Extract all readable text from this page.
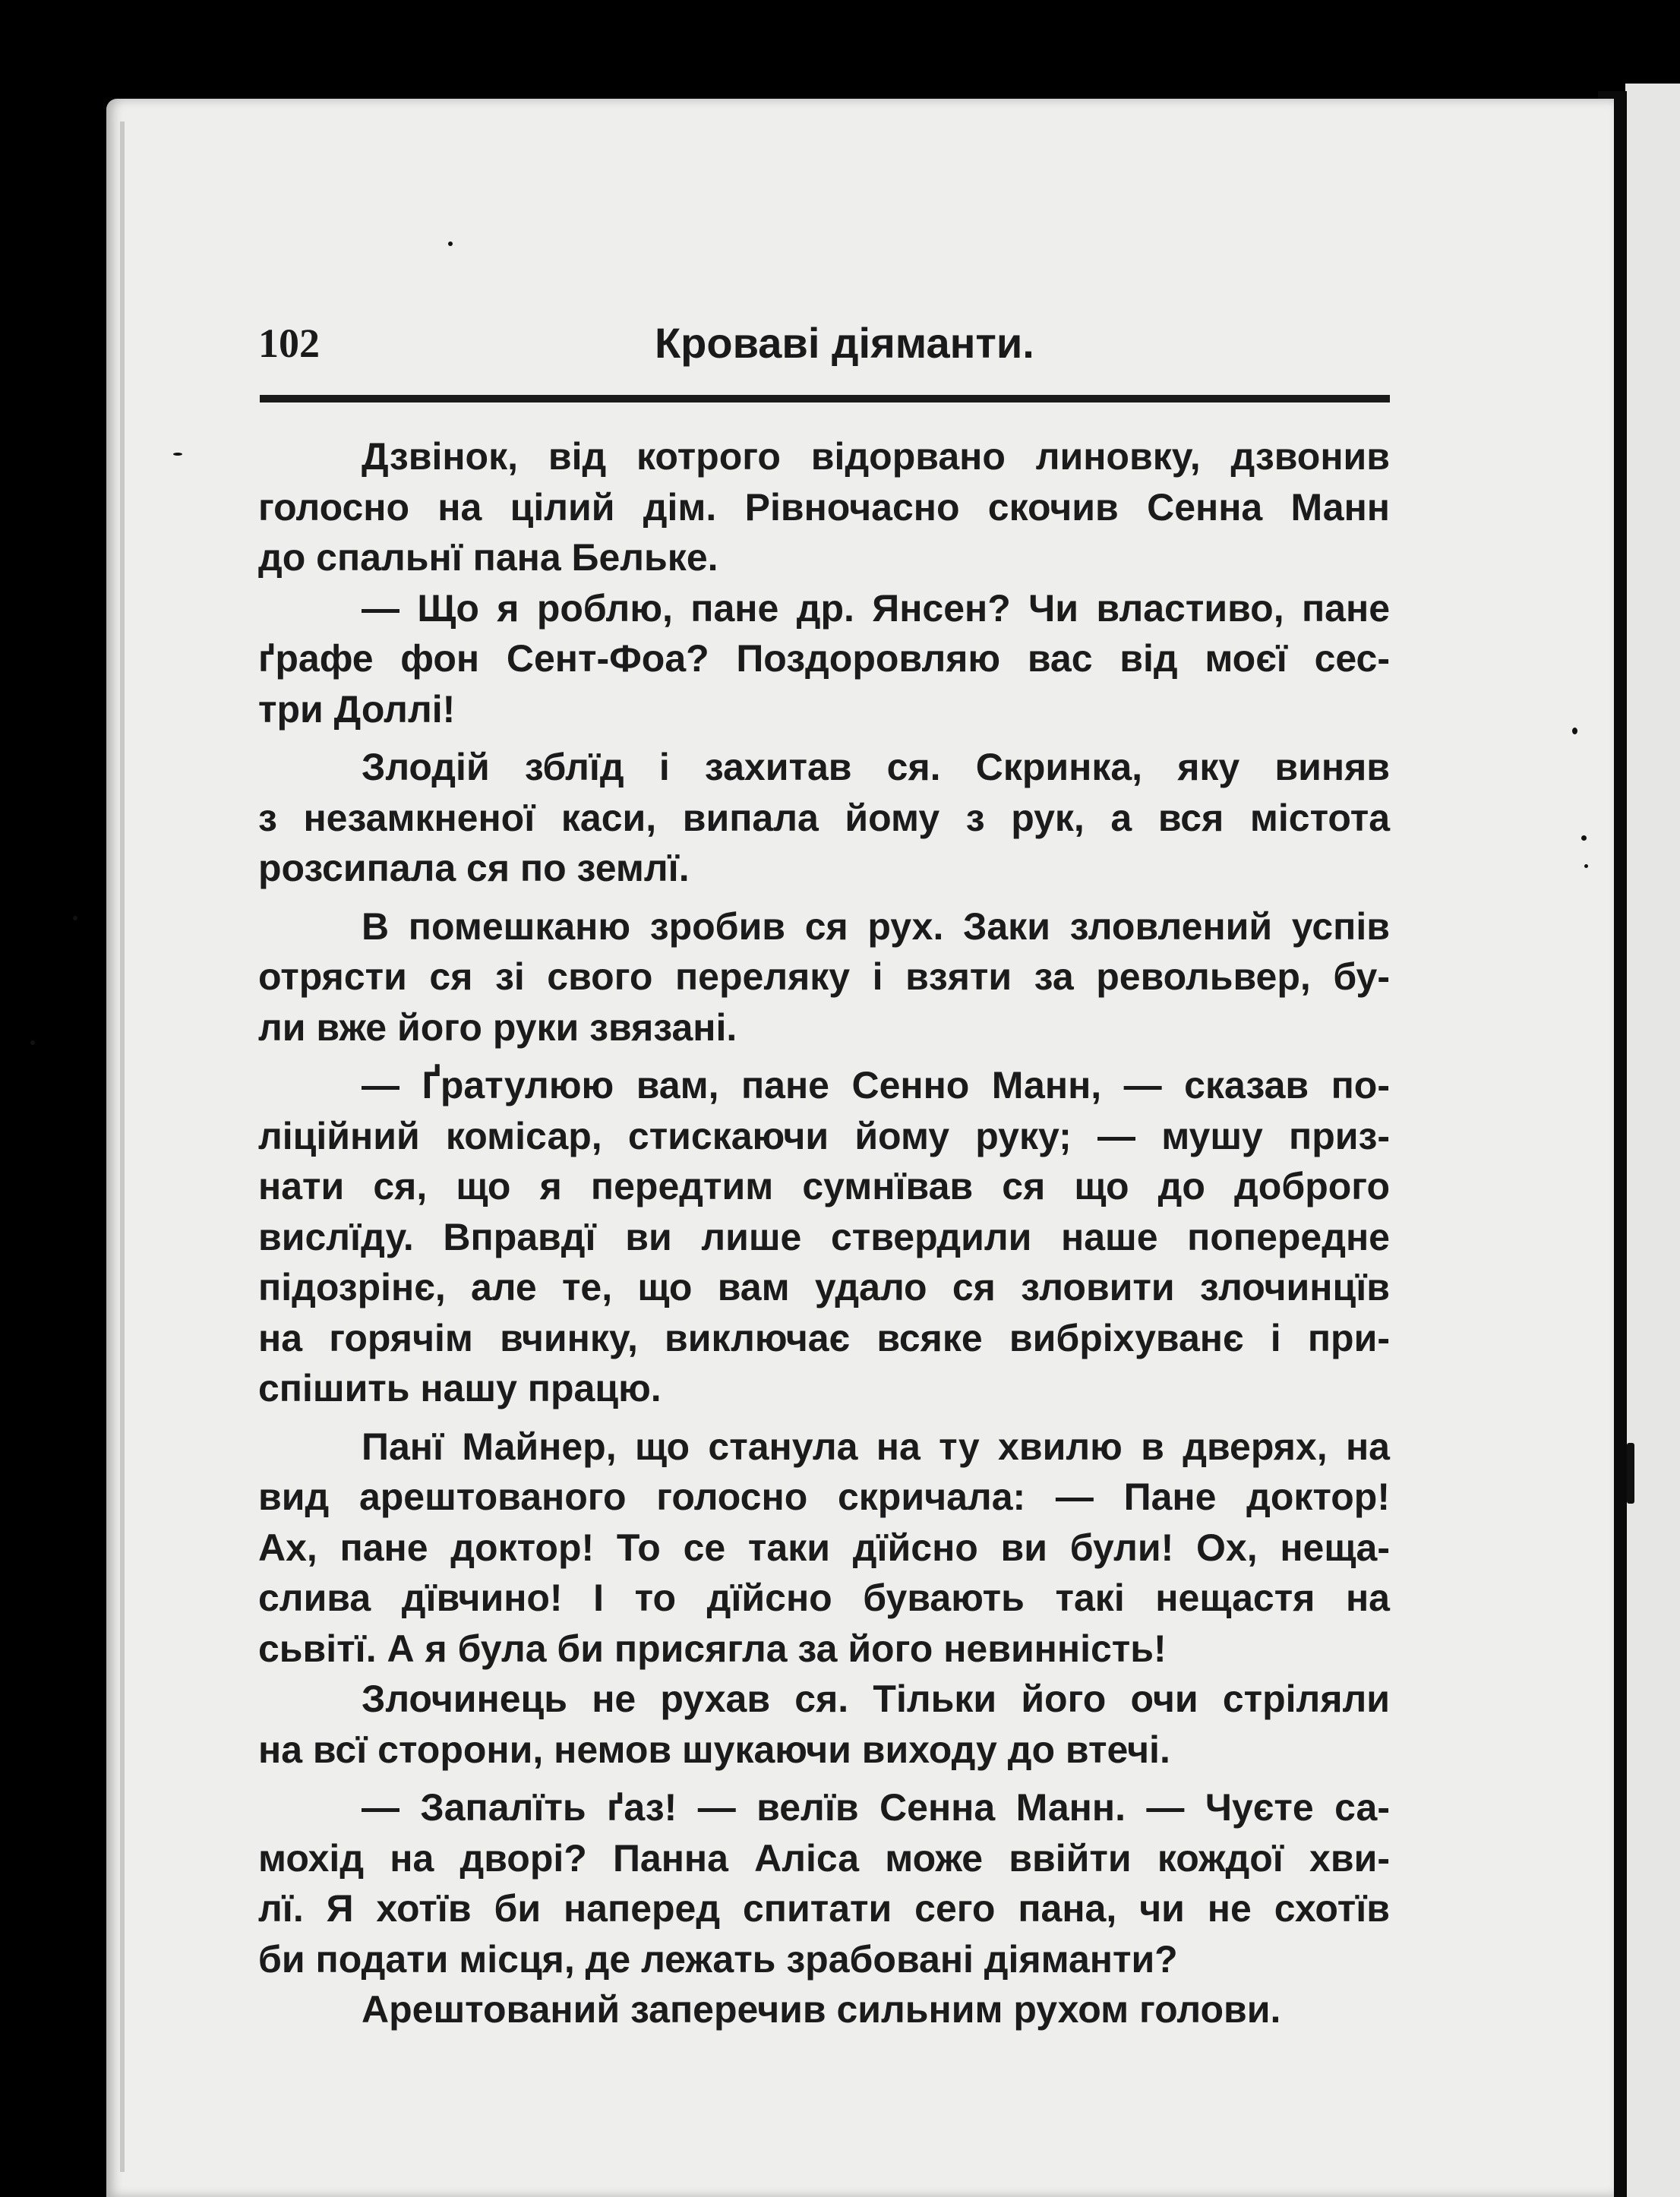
102	Кроваві діяманти.
Дзвінок, від котрого відорвано линовку, дзвонив
голосно на цілий дім. Рівночасно скочив Сенна Манн
до спальнї пана Бельке.
— Що я роблю, пане др. Янсен? Чи властиво, пане
ґрафе фон Сент-Фоа? Поздоровляю вас від моєї сес-
три Доллі!
Злодій зблїд і захитав ся. Скринка, яку виняв
з незамкненої каси, випала йому з рук, а вся містота
розсипала ся по землї.
В помешканю зробив ся рух. Заки зловлений успів
отрясти ся зі свого переляку і взяти за револьвер, бу-
ли вже його руки звязані.
— Ґратулюю вам, пане Сенно Манн, — сказав по-
ліційний комісар, стискаючи йому руку; — мушу приз-
нати ся, що я передтим сумнївав ся що до доброго
вислїду. Вправдї ви лише ствердили наше попередне
підозрінє, але те, що вам удало ся зловити злочинцїв
на горячім вчинку, виключає всяке вибріхуванє і при-
спішить нашу працю.
Панї Майнер, що станула на ту хвилю в дверях, на
вид арештованого голосно скричала: — Пане доктор!
Ах, пане доктор! То се таки дїйсно ви були! Ох, нещa-
слива дївчино! І то дїйсно бувають такі нещастя на
сьвітї. А я була би присягла за його невинність!
Злочинець не рухав ся. Тільки його очи стріляли
на всї сторони, немов шукаючи виходу до втечі.
— Запалїть ґаз! — велїв Сенна Манн. — Чуєте са-
мохід на дворі? Панна Аліса може ввійти кождої хви-
лї. Я хотїв би наперед спитати сего пана, чи не схотїв
би подати місця, де лежать зрабовані діяманти?
Арештований заперечив сильним рухом голови.
